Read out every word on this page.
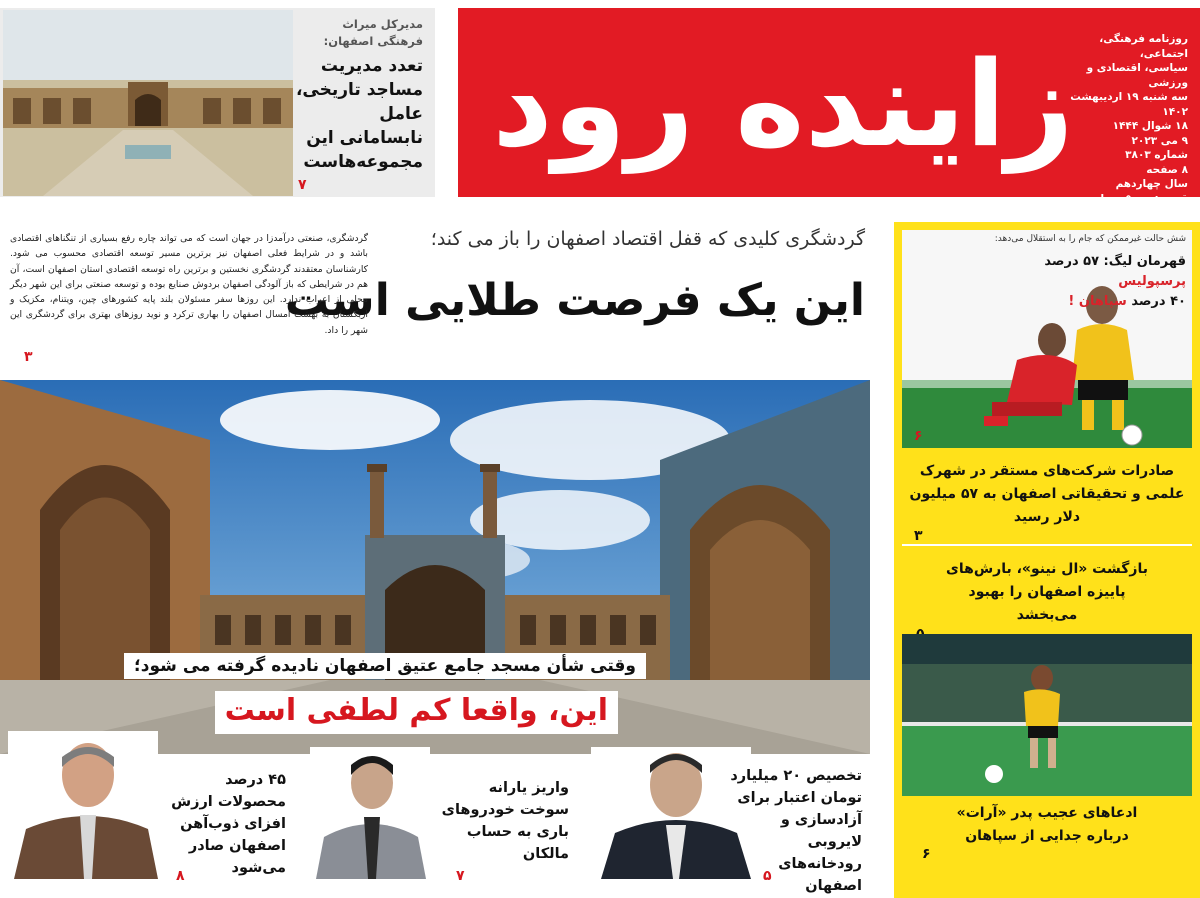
زاینده رود	روزنامه فرهنگی، اجتماعی،
سیاسی، اقتصادی و ورزشی
سه شنبه ۱۹ اردیبهشت ۱۴۰۲
۱۸ شوال ۱۴۴۴
۹ می ۲۰۲۳
شماره ۳۸۰۳
۸ صفحه
سال چهاردهم
قیمت: ۵۰۰۰ تومان
مدیرکل میراث فرهنگی اصفهان:
تعدد مدیریت مساجد تاریخی، عامل نابسامانی این مجموعه‌هاست
۷
گردشگری کلیدی که قفل اقتصاد اصفهان را باز می کند؛
این یک فرصت طلایی است

گردشگری، صنعتی درآمدزا در جهان است که می تواند چاره رفع بسیاری از تنگناهای اقتصادی باشد و در شرایط فعلی اصفهان نیز برترین مسیر توسعه اقتصادی محسوب می شود. کارشناسان معتقدند گردشگری نخستین و برترین راه توسعه اقتصادی استان اصفهان است، آن هم در شرایطی که باز آلودگی اصفهان بردوش صنایع بوده و توسعه صنعتی برای این شهر دیگر محلی از اعراب ندارد. این روزها سفر مسئولان بلند پایه کشورهای چین، ویتنام، مکزیک و ازبکستان به بهشت امسال اصفهان را بهاری ترکرد و نوید روزهای بهتری برای گردشگری این شهر را داد.

۳
وقتی شأن مسجد جامع عتیق اصفهان نادیده گرفته می شود؛
این، واقعا کم لطفی است
تخصیص ۲۰ میلیارد تومان اعتبار برای آزادسازی و لایروبی رودخانه‌های اصفهان
۵
واریز یارانه سوخت خودروهای باری به حساب مالکان
۷
۴۵ درصد محصولات ارزش افزای ذوب‌آهن اصفهان صادر می‌شود
۸
شش حالت غیرممکن که جام را به استقلال می‌دهد:
قهرمان لیگ: ۵۷ درصد پرسپولیس
۴۰ درصد سپاهان !
۶
صادرات شرکت‌های مستقر در شهرک علمی و تحقیقاتی اصفهان به ۵۷ میلیون دلار رسید
۳
بازگشت «ال نینو»، بارش‌های پاییزه اصفهان را بهبود می‌بخشد
ادعاهای عجیب پدر «آرات» درباره جدایی از سپاهان
۶
